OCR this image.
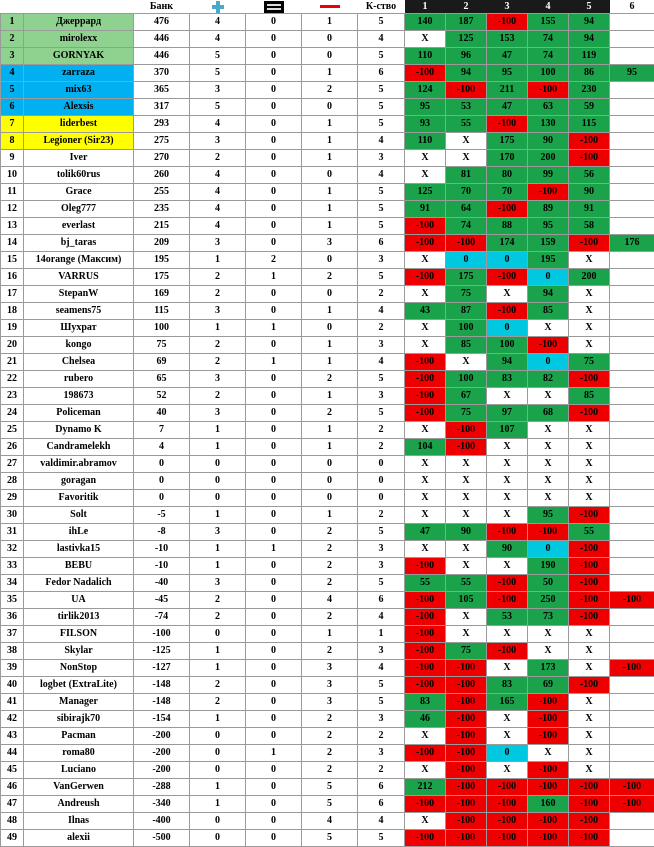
		Банк				К-ство	1	2	3	4	5	6
1	Джеррард	476	4	0	1	5	140	187	-100	155	94	
2	mirolexx	446	4	0	0	4	X	125	153	74	94	
3	GORNYAK	446	5	0	0	5	110	96	47	74	119	
4	zarraza	370	5	0	1	6	-100	94	95	100	86	95
5	mix63	365	3	0	2	5	124	-100	211	-100	230	
6	Alexsis	317	5	0	0	5	95	53	47	63	59	
7	liderbest	293	4	0	1	5	93	55	-100	130	115	
8	Legioner (Sir23)	275	3	0	1	4	110	X	175	90	-100	
9	Iver	270	2	0	1	3	X	X	170	200	-100	
10	tolik60rus	260	4	0	0	4	X	81	80	99	56	
11	Grace	255	4	0	1	5	125	70	70	-100	90	
12	Oleg777	235	4	0	1	5	91	64	-100	89	91	
13	everlast	215	4	0	1	5	-100	74	88	95	58	
14	bj_taras	209	3	0	3	6	-100	-100	174	159	-100	176
15	14orange (Максим)	195	1	2	0	3	X	0	0	195	X	
16	VARRUS	175	2	1	2	5	-100	175	-100	0	200	
17	StepanW	169	2	0	0	2	X	75	X	94	X	
18	seamens75	115	3	0	1	4	43	87	-100	85	X	
19	Шухрат	100	1	1	0	2	X	100	0	X	X	
20	kongo	75	2	0	1	3	X	85	100	-100	X	
21	Chelsea	69	2	1	1	4	-100	X	94	0	75	
22	rubero	65	3	0	2	5	-100	100	83	82	-100	
23	198673	52	2	0	1	3	-100	67	X	X	85	
24	Policeman	40	3	0	2	5	-100	75	97	68	-100	
25	Dynamo K	7	1	0	1	2	X	-100	107	X	X	
26	Candramelekh	4	1	0	1	2	104	-100	X	X	X	
27	valdimir.abramov	0	0	0	0	0	X	X	X	X	X	
28	goragan	0	0	0	0	0	X	X	X	X	X	
29	Favoritik	0	0	0	0	0	X	X	X	X	X	
30	Solt	-5	1	0	1	2	X	X	X	95	-100	
31	ihLe	-8	3	0	2	5	47	90	-100	-100	55	
32	lastivka15	-10	1	1	2	3	X	X	90	0	-100	
33	BEBU	-10	1	0	2	3	-100	X	X	190	-100	
34	Fedor Nadalich	-40	3	0	2	5	55	55	-100	50	-100	
35	UA	-45	2	0	4	6	-100	105	-100	250	-100	-100
36	tirlik2013	-74	2	0	2	4	-100	X	53	73	-100	
37	FILSON	-100	0	0	1	1	-100	X	X	X	X	
38	Skylar	-125	1	0	2	3	-100	75	-100	X	X	
39	NonStop	-127	1	0	3	4	-100	-100	X	173	X	-100
40	logbet (ExtraLite)	-148	2	0	3	5	-100	-100	83	69	-100	
41	Manager	-148	2	0	3	5	83	-100	165	-100	X	
42	sibirajk70	-154	1	0	2	3	46	-100	X	-100	X	
43	Pacman	-200	0	0	2	2	X	-100	X	-100	X	
44	roma80	-200	0	1	2	3	-100	-100	0	X	X	
45	Luciano	-200	0	0	2	2	X	-100	X	-100	X	
46	VanGerwen	-288	1	0	5	6	212	-100	-100	-100	-100	-100
47	Andreush	-340	1	0	5	6	-100	-100	-100	160	-100	-100
48	Ilnas	-400	0	0	4	4	X	-100	-100	-100	-100	
49	alexii	-500	0	0	5	5	-100	-100	-100	-100	-100	
